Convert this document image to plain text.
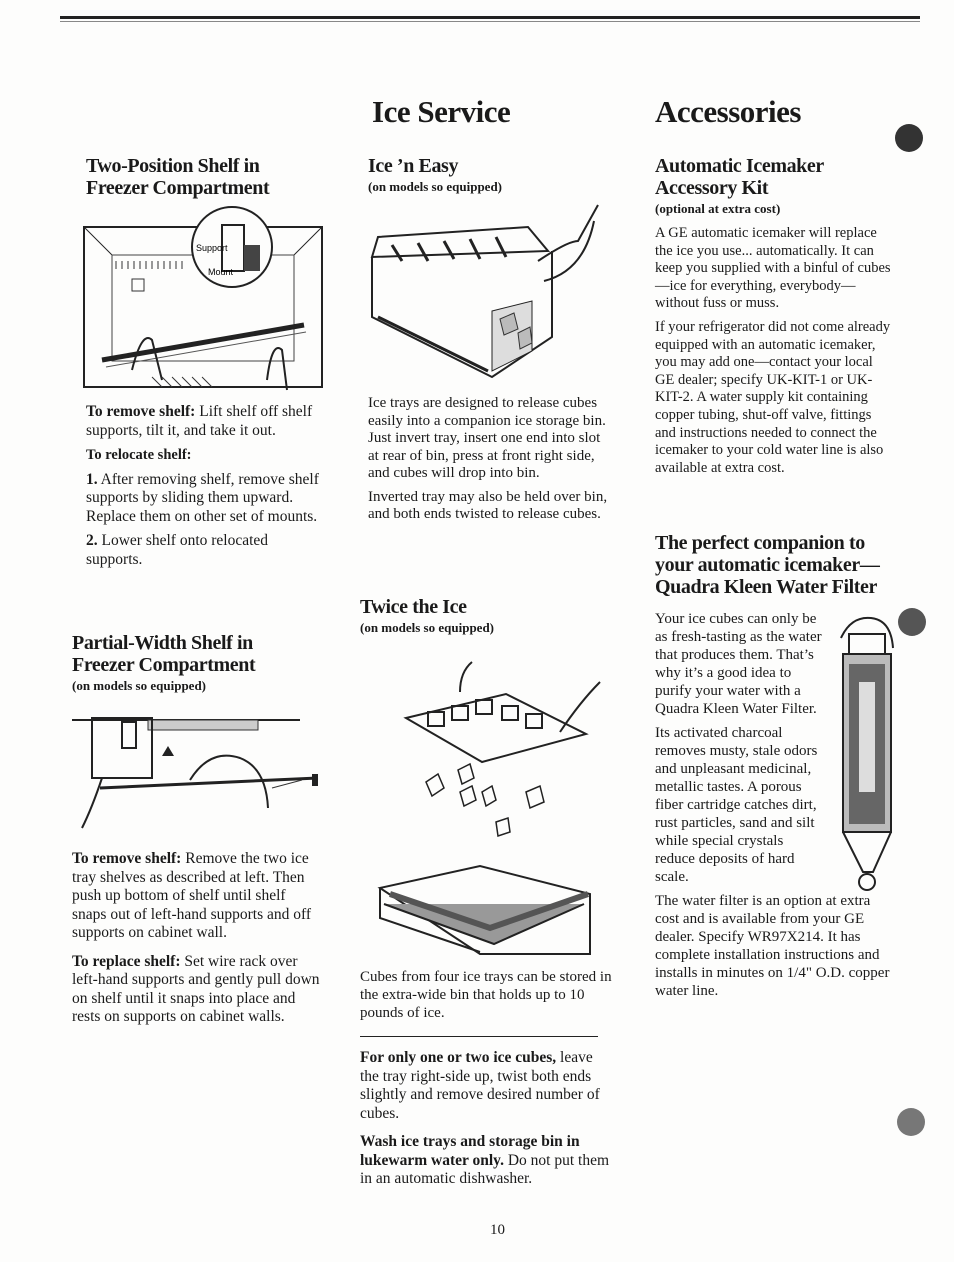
Ice Service	Accessories
Two-Position Shelf in
Freezer Compartment
Support
Mount

To remove shelf: Lift shelf off shelf supports, tilt it, and take it out.

To relocate shelf:

1. After removing shelf, remove shelf supports by sliding them upward. Replace them on other set of mounts.

2. Lower shelf onto relocated supports.

Partial-Width Shelf in
Freezer Compartment
(on models so equipped)

To remove shelf: Remove the two ice tray shelves as described at left. Then push up bottom of shelf until shelf snaps out of left-hand supports and off supports on cabinet wall.

To replace shelf: Set wire rack over left-hand supports and gently pull down on shelf until it snaps into place and rests on supports on cabinet walls.

Ice ’n Easy
(on models so equipped)

Ice trays are designed to release cubes easily into a companion ice storage bin. Just invert tray, insert one end into slot at rear of bin, press at front right side, and cubes will drop into bin.

Inverted tray may also be held over bin, and both ends twisted to release cubes.

Twice the Ice
(on models so equipped)

Cubes from four ice trays can be stored in the extra-wide bin that holds up to 10 pounds of ice.

For only one or two ice cubes, leave the tray right-side up, twist both ends slightly and remove desired number of cubes.

Wash ice trays and storage bin in lukewarm water only. Do not put them in an automatic dishwasher.

Automatic Icemaker
Accessory Kit
(optional at extra cost)

A GE automatic icemaker will replace the ice you use... automatically. It can keep you supplied with a binful of cubes—ice for everything, everybody—without fuss or muss.

If your refrigerator did not come already equipped with an automatic icemaker, you may add one—contact your local GE dealer; specify UK-KIT-1 or UK-KIT-2. A water supply kit containing copper tubing, shut-off valve, fittings and instructions needed to connect the icemaker to your cold water line is also available at extra cost.

The perfect companion to
your automatic icemaker—
Quadra Kleen Water Filter

Your ice cubes can only be as fresh-tasting as the water that produces them. That’s why it’s a good idea to purify your water with a Quadra Kleen Water Filter.

Its activated charcoal removes musty, stale odors and unpleasant medicinal, metallic tastes. A porous fiber cartridge catches dirt, rust particles, sand and silt while special crystals reduce deposits of hard scale.

The water filter is an option at extra cost and is available from your GE dealer. Specify WR97X214. It has complete installation instructions and installs in minutes on 1/4" O.D. copper water line.

10
